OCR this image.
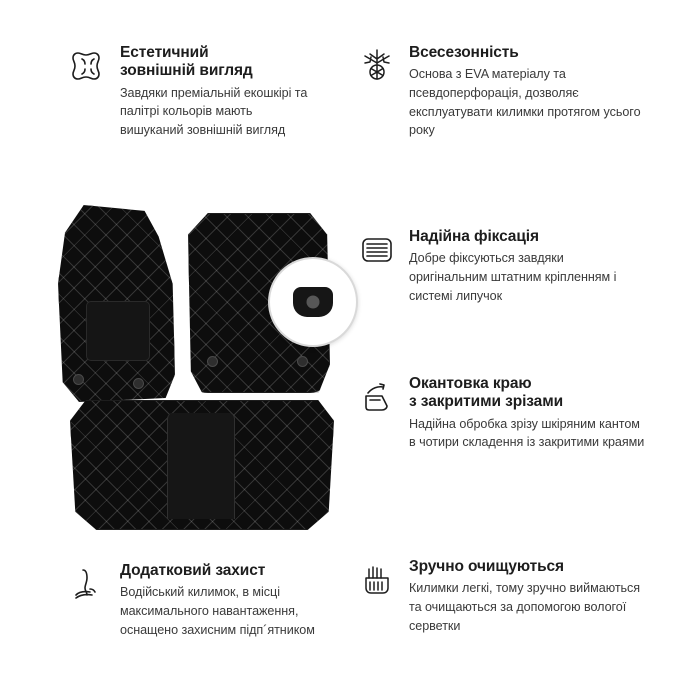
Естетичний
зовнішній вигляд

Завдяки преміальній екошкірі та палітрі кольорів мають вишуканий зовнішній вигляд

Всесезонність

Основа з EVA матеріалу та псевдоперфорація, дозволяє експлуатувати килимки протягом усього року

Надійна фіксація

Добре фіксуються завдяки оригінальним штатним кріпленням і системі липучок

Окантовка краю
з закритими зрізами

Надійна обробка зрізу шкіряним кантом в чотири складення із закритими краями

Додатковий захист

Водійський килимок, в місці максимального навантаження, оснащено захисним підп´ятником

Зручно очищуються

Килимки легкі, тому зручно виймаються та очищаються за допомогою вологої серветки
